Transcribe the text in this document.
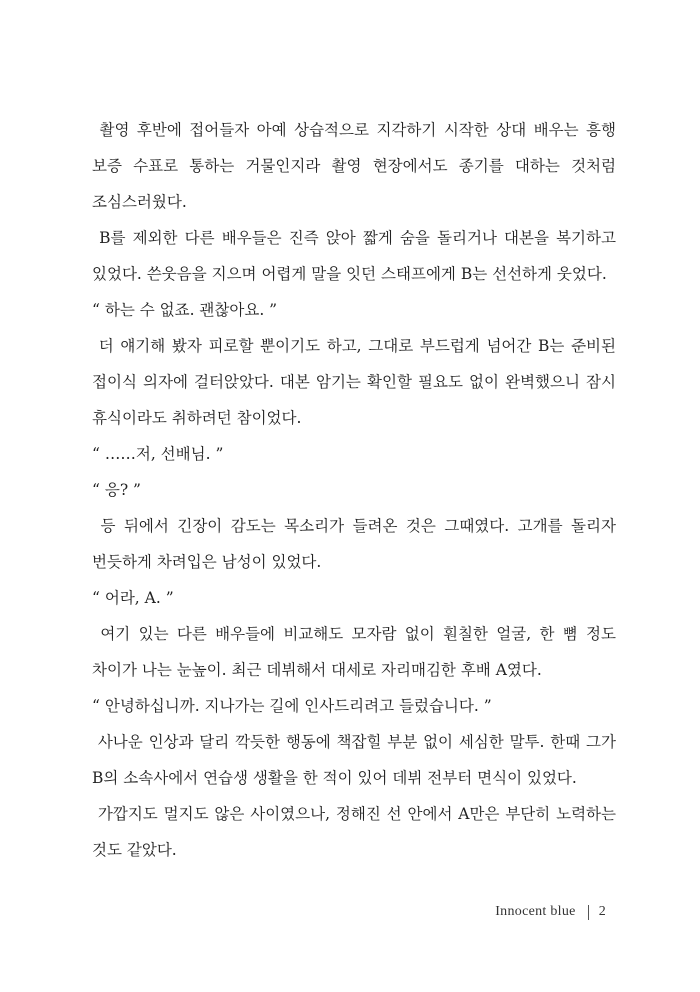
촬영 후반에 접어들자 아예 상습적으로 지각하기 시작한 상대 배우는 흥행 보증 수표로 통하는 거물인지라 촬영 현장에서도 종기를 대하는 것처럼 조심스러웠다.

B를 제외한 다른 배우들은 진즉 앉아 짧게 숨을 돌리거나 대본을 복기하고 있었다. 쓴웃음을 지으며 어렵게 말을 잇던 스태프에게 B는 선선하게 웃었다.

“ 하는 수 없죠. 괜찮아요. ”

더 얘기해 봤자 피로할 뿐이기도 하고, 그대로 부드럽게 넘어간 B는 준비된 접이식 의자에 걸터앉았다. 대본 암기는 확인할 필요도 없이 완벽했으니 잠시 휴식이라도 취하려던 참이었다.

“ ……저, 선배님. ”

“ 응? ”

등 뒤에서 긴장이 감도는 목소리가 들려온 것은 그때였다. 고개를 돌리자 번듯하게 차려입은 남성이 있었다.

“ 어라, A. ”

여기 있는 다른 배우들에 비교해도 모자람 없이 훤칠한 얼굴, 한 뼘 정도 차이가 나는 눈높이. 최근 데뷔해서 대세로 자리매김한 후배 A였다.

“ 안녕하십니까. 지나가는 길에 인사드리려고 들렀습니다. ”

사나운 인상과 달리 깍듯한 행동에 책잡힐 부분 없이 세심한 말투. 한때 그가 B의 소속사에서 연습생 생활을 한 적이 있어 데뷔 전부터 면식이 있었다.

가깝지도 멀지도 않은 사이였으나, 정해진 선 안에서 A만은 부단히 노력하는 것도 같았다.

Innocent blue 2
